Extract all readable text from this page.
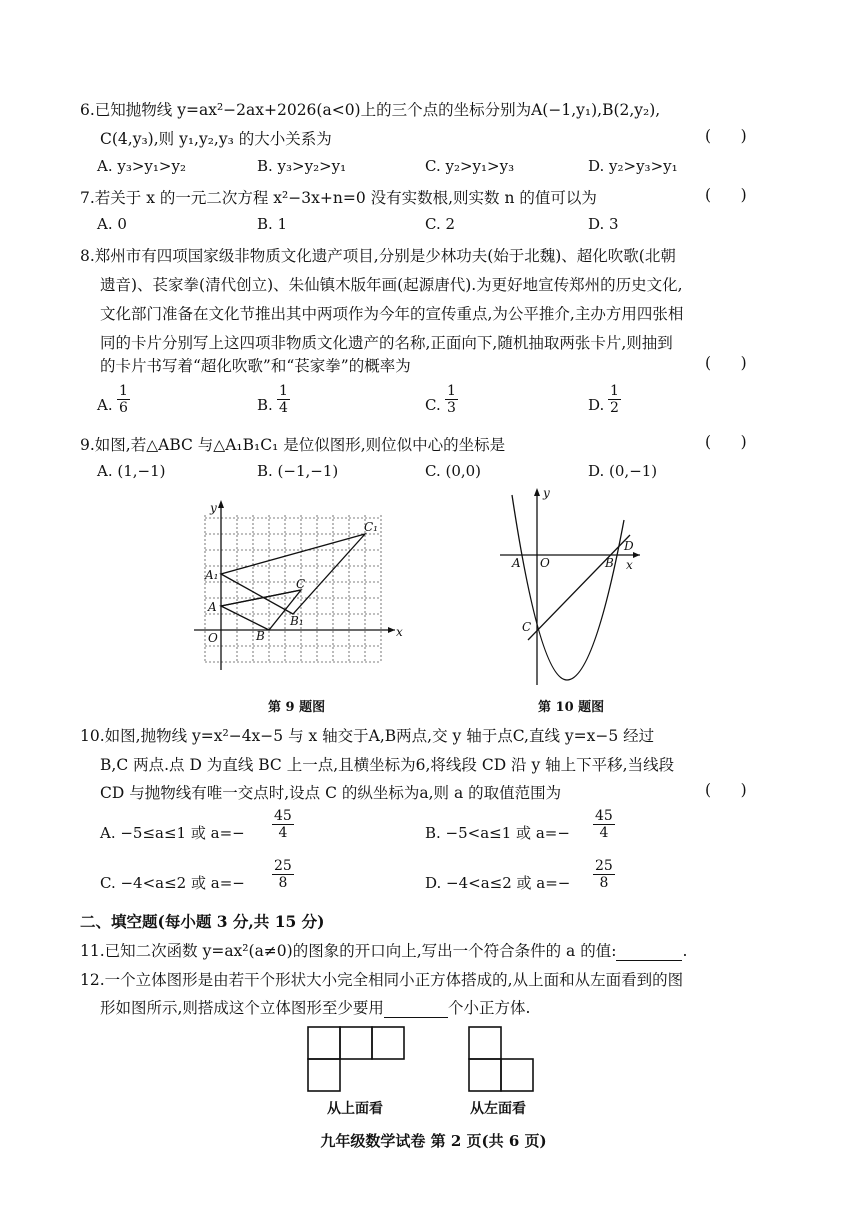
6.已知抛物线 y=ax²−2ax+2026(a<0)上的三个点的坐标分别为A(−1,y₁),B(2,y₂),
C(4,y₃),则 y₁,y₂,y₃ 的大小关系为	(      )
A. y₃>y₁>y₂	B. y₃>y₂>y₁	C. y₂>y₁>y₃	D. y₂>y₃>y₁
7.若关于 x 的一元二次方程 x²−3x+n=0 没有实数根,则实数 n 的值可以为	(      )
A. 0	B. 1	C. 2	D. 3
8.郑州市有四项国家级非物质文化遗产项目,分别是少林功夫(始于北魏)、超化吹歌(北朝
遗音)、苌家拳(清代创立)、朱仙镇木版年画(起源唐代).为更好地宣传郑州的历史文化,
文化部门准备在文化节推出其中两项作为今年的宣传重点,为公平推介,主办方用四张相
同的卡片分别写上这四项非物质文化遗产的名称,正面向下,随机抽取两张卡片,则抽到
的卡片书写着“超化吹歌”和“苌家拳”的概率为	(      )
A. $\frac{1}{6}$	B. $\frac{1}{4}$	C. $\frac{1}{3}$	D. $\frac{1}{2}$
9.如图,若△ABC 与△A₁B₁C₁ 是位似图形,则位似中心的坐标是	(      )
A. (1,−1)	B. (−1,−1)	C. (0,0)	D. (0,−1)
y
x
O
A
A₁
B
B₁
C
C₁
第 9 题图
y
x
O
A	B
C
D
第 10 题图
10.如图,抛物线 y=x²−4x−5 与 x 轴交于A,B两点,交 y 轴于点C,直线 y=x−5 经过
B,C 两点.点 D 为直线 BC 上一点,且横坐标为6,将线段 CD 沿 y 轴上下平移,当线段
CD 与抛物线有唯一交点时,设点 C 的纵坐标为a,则 a 的取值范围为	(      )
A. −5≤a≤1 或 $a=- \frac{45}{4}$	B. −5<a≤1 或 $a=- \frac{45}{4}$
C. −4<a≤2 或 $a=- \frac{25}{8}$	D. −4<a≤2 或 $a=- \frac{25}{8}$
二、填空题(每小题 3 分,共 15 分)
11.已知二次函数 y=ax²(a≠0)的图象的开口向上,写出一个符合条件的 a 的值:	.
12.一个立体图形是由若干个形状大小完全相同小正方体搭成的,从上面和从左面看到的图
形如图所示,则搭成这个立体图形至少要用	个小正方体.
从上面看	从左面看
九年级数学试卷 第 2 页(共 6 页)
